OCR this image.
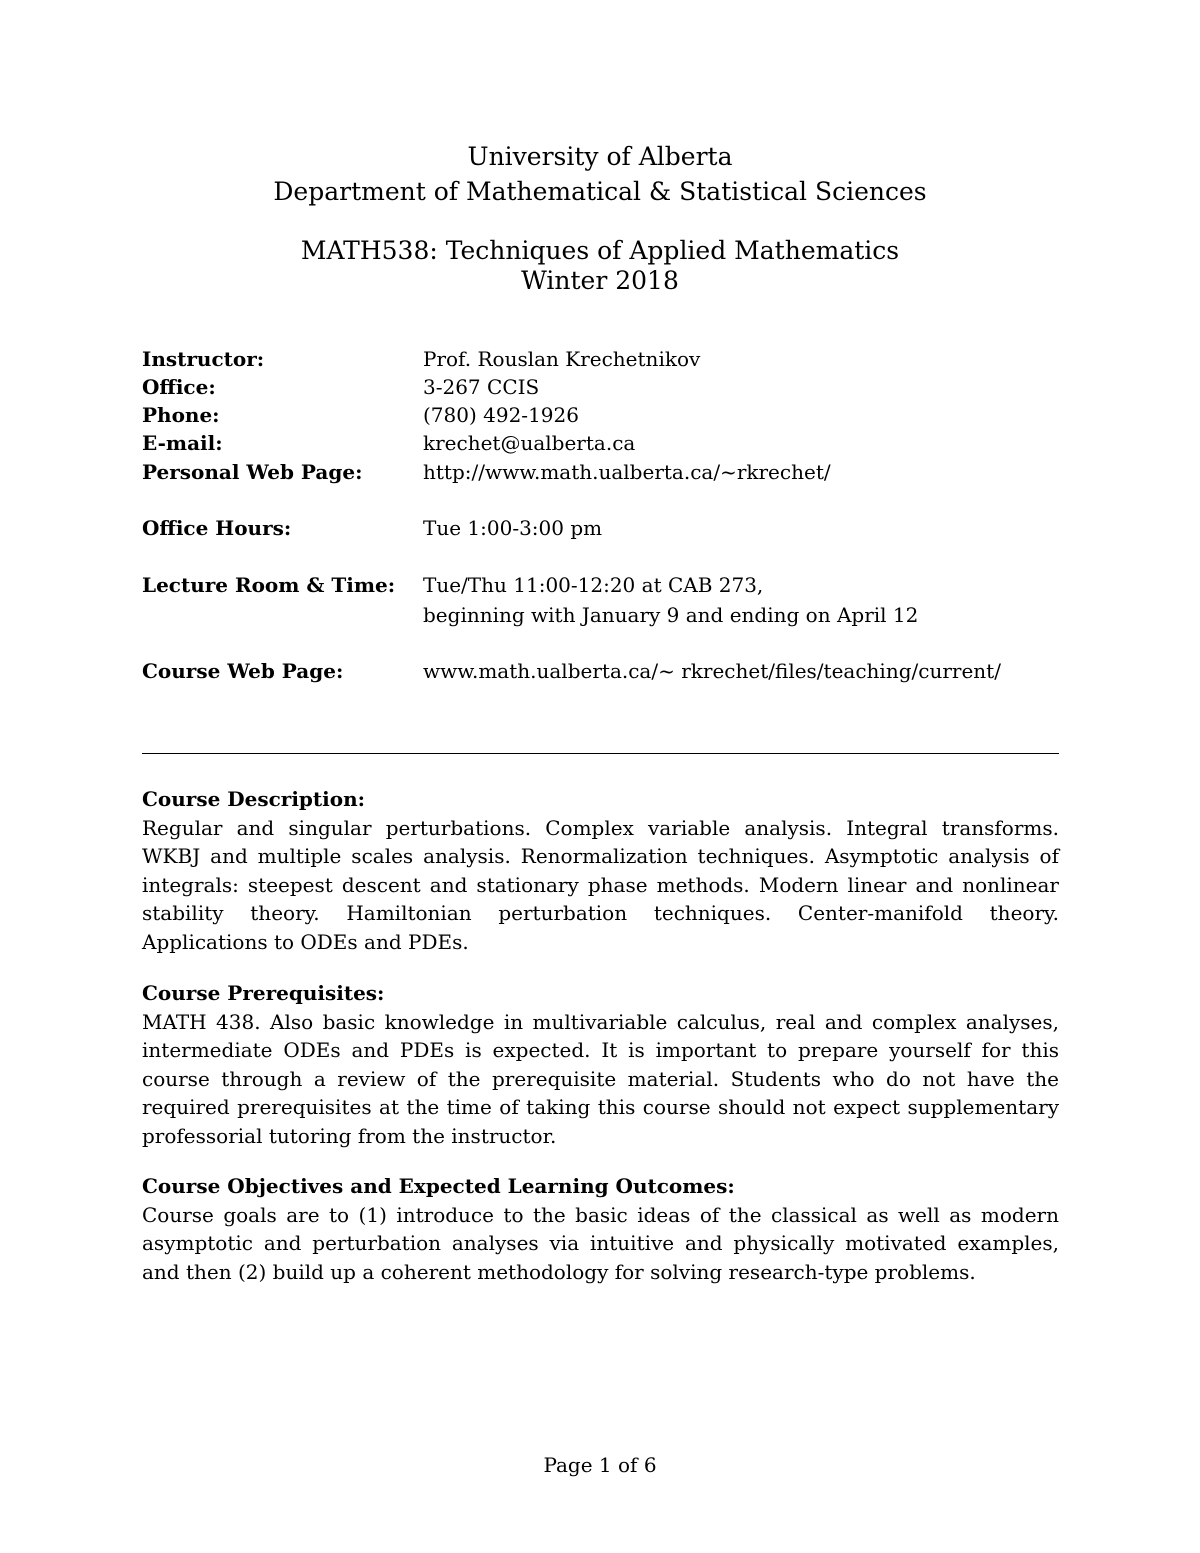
University of Alberta
Department of Mathematical & Statistical Sciences
MATH538: Techniques of Applied Mathematics
Winter 2018
Instructor:	Prof. Rouslan Krechetnikov
Office:	3-267 CCIS
Phone:	(780) 492-1926
E-mail:	krechet@ualberta.ca
Personal Web Page:	http://www.math.ualberta.ca/~rkrechet/
Office Hours:	Tue 1:00-3:00 pm
Lecture Room & Time: Tue/Thu 11:00-12:20 at CAB 273,
beginning with January 9 and ending on April 12
Course Web Page:	www.math.ualberta.ca/~ rkrechet/files/teaching/current/
Course Description:
Regular and singular perturbations. Complex variable analysis. Integral transforms. WKBJ and multiple scales analysis. Renormalization techniques. Asymptotic analysis of integrals: steepest descent and stationary phase methods. Modern linear and nonlinear stability theory. Hamiltonian perturbation techniques. Center-manifold theory. Applications to ODEs and PDEs.
Course Prerequisites:
MATH 438. Also basic knowledge in multivariable calculus, real and complex analyses, intermediate ODEs and PDEs is expected. It is important to prepare yourself for this course through a review of the prerequisite material. Students who do not have the required prerequisites at the time of taking this course should not expect supplementary professorial tutoring from the instructor.
Course Objectives and Expected Learning Outcomes:
Course goals are to (1) introduce to the basic ideas of the classical as well as modern asymptotic and perturbation analyses via intuitive and physically motivated examples, and then (2) build up a coherent methodology for solving research-type problems.
Page 1 of 6
